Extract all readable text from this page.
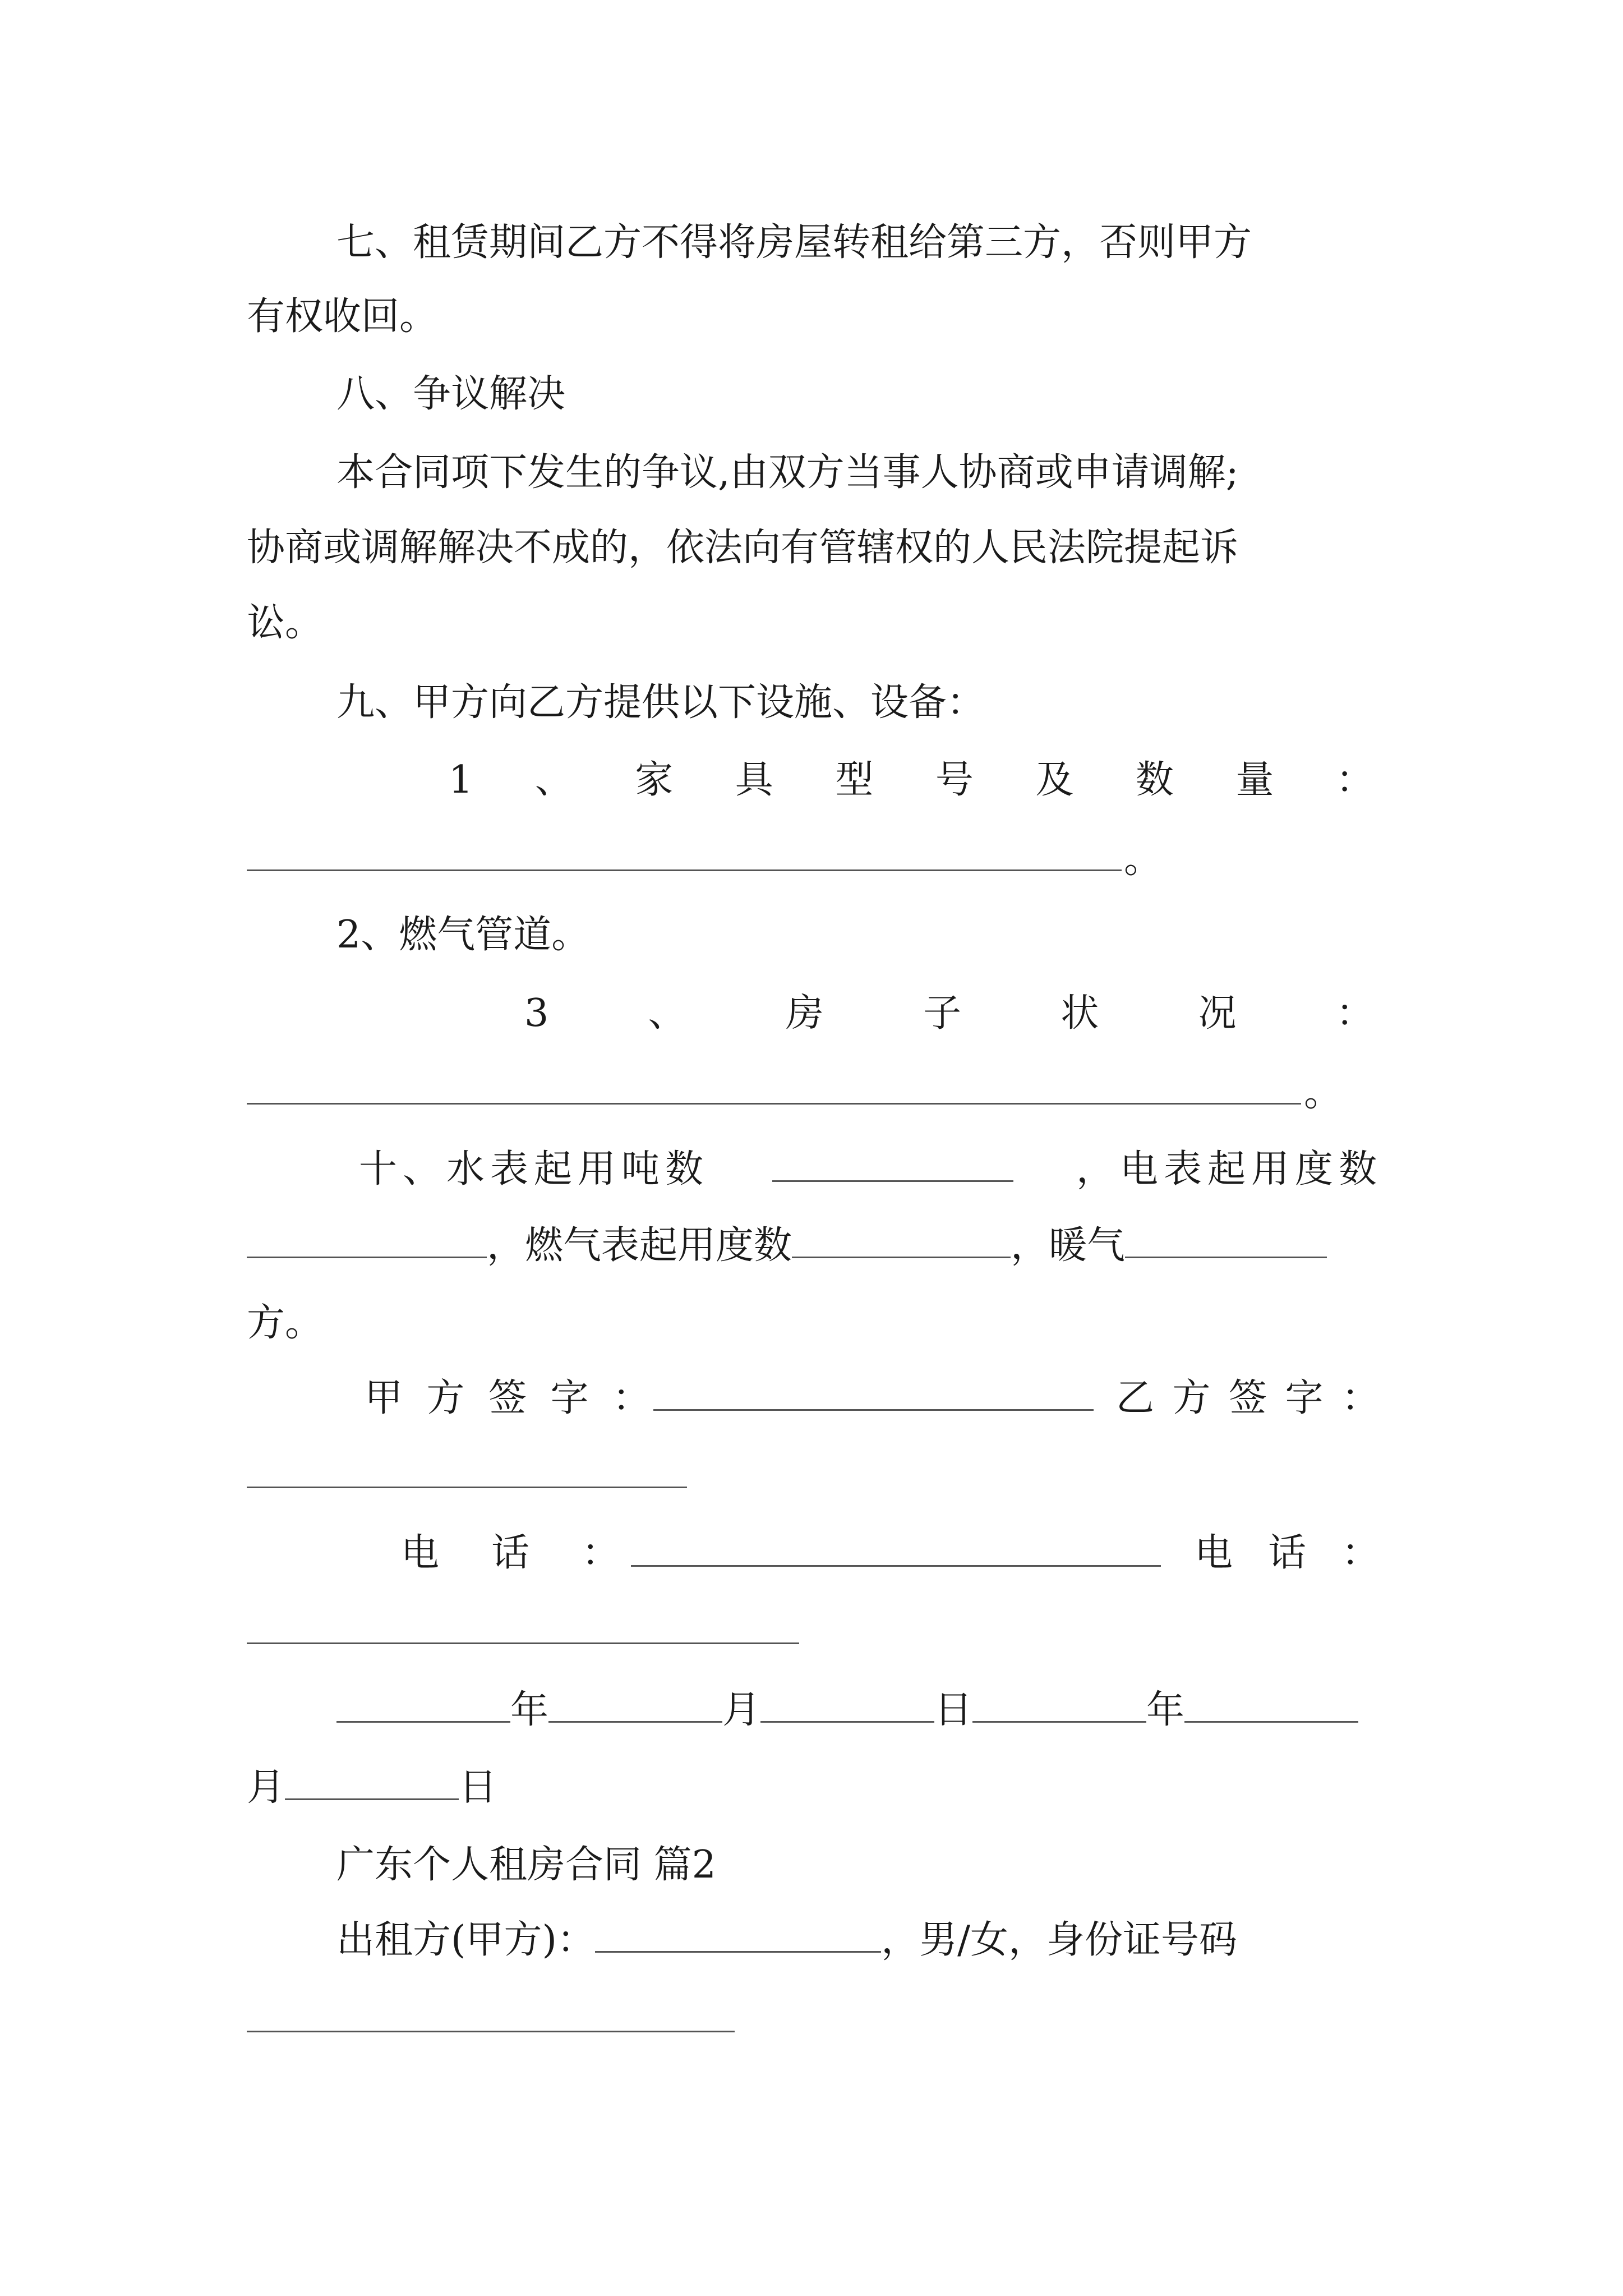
七、租赁期间乙方不得将房屋转租给第三方，否则甲方
有权收回。
八、争议解决
本合同项下发生的争议,由双方当事人协商或申请调解;
协商或调解解决不成的，依法向有管辖权的人民法院提起诉
讼。
九、甲方向乙方提供以下设施、设备：
1 、 家 具 型 号 及 数 量 ：
。
2、燃气管道。
3	、	房	子	状	况	：
。
十、水表起用吨数	，电表起用度数
，燃气表起用度数	，暖气
方。
甲 方 签 字 ：	乙 方 签 字 ：
电 话 ：	电 话 ：
年	月	日	年
月	日
广东个人租房合同 篇2
出租方(甲方)：	，男/女，身份证号码
